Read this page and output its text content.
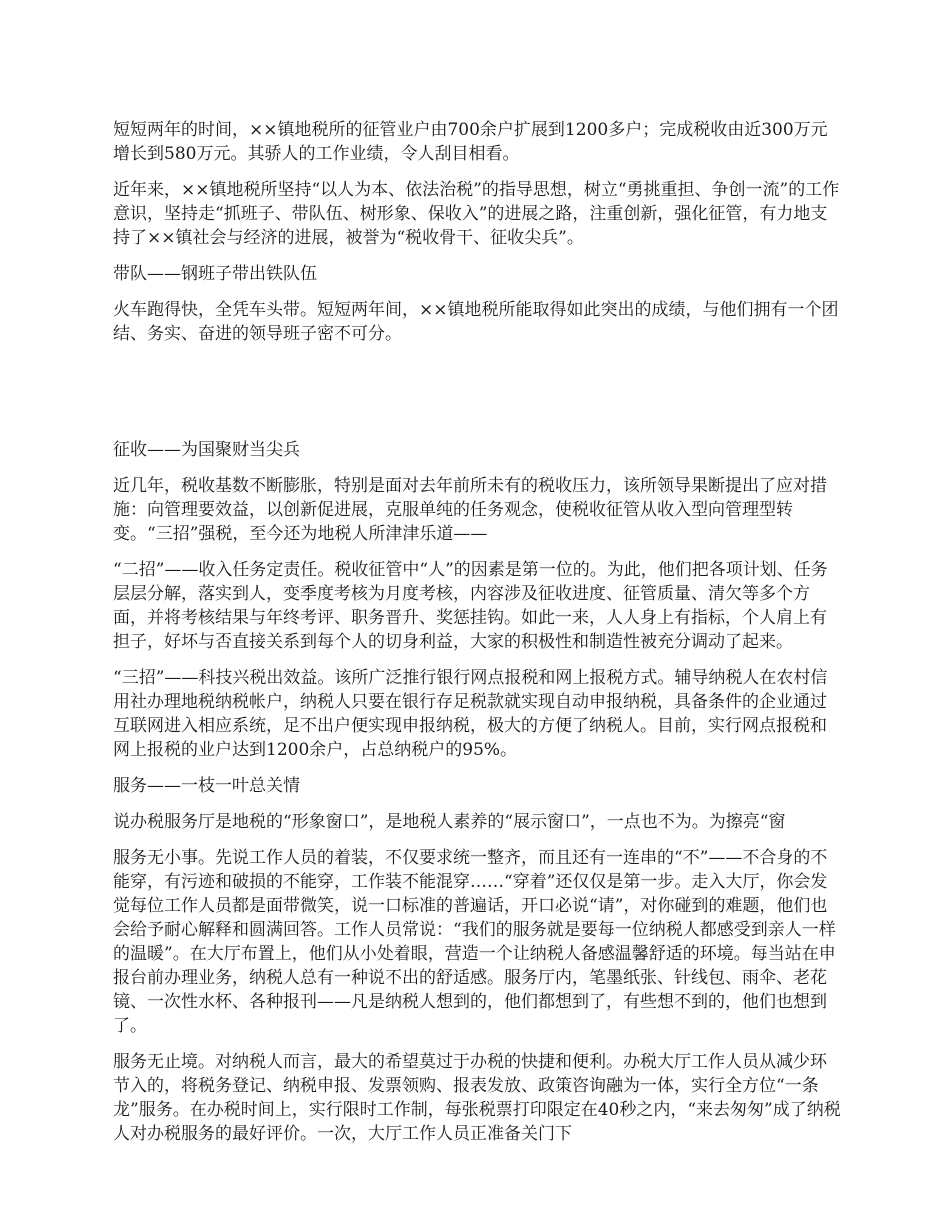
短短两年的时间，××镇地税所的征管业户由700余户扩展到1200多户；完成税收由近300万元增长到580万元。其骄人的工作业绩，令人刮目相看。

近年来，××镇地税所坚持“以人为本、依法治税”的指导思想，树立“勇挑重担、争创一流”的工作意识，坚持走“抓班子、带队伍、树形象、保收入”的进展之路，注重创新，强化征管，有力地支持了××镇社会与经济的进展，被誉为“税收骨干、征收尖兵”。

带队——钢班子带出铁队伍

火车跑得快，全凭车头带。短短两年间，××镇地税所能取得如此突出的成绩，与他们拥有一个团结、务实、奋进的领导班子密不可分。

征收——为国聚财当尖兵

近几年，税收基数不断膨胀，特别是面对去年前所未有的税收压力，该所领导果断提出了应对措施：向管理要效益，以创新促进展，克服单纯的任务观念，使税收征管从收入型向管理型转变。“三招”强税，至今还为地税人所津津乐道——

“二招”——收入任务定责任。税收征管中“人”的因素是第一位的。为此，他们把各项计划、任务层层分解，落实到人，变季度考核为月度考核，内容涉及征收进度、征管质量、清欠等多个方面，并将考核结果与年终考评、职务晋升、奖惩挂钩。如此一来，人人身上有指标，个人肩上有担子，好坏与否直接关系到每个人的切身利益，大家的积极性和制造性被充分调动了起来。

“三招”——科技兴税出效益。该所广泛推行银行网点报税和网上报税方式。辅导纳税人在农村信用社办理地税纳税帐户，纳税人只要在银行存足税款就实现自动申报纳税，具备条件的企业通过互联网进入相应系统，足不出户便实现申报纳税，极大的方便了纳税人。目前，实行网点报税和网上报税的业户达到1200余户，占总纳税户的95%。

服务——一枝一叶总关情

说办税服务厅是地税的“形象窗口”，是地税人素养的“展示窗口”，一点也不为。为擦亮“窗

服务无小事。先说工作人员的着装，不仅要求统一整齐，而且还有一连串的“不”——不合身的不能穿，有污迹和破损的不能穿，工作装不能混穿……“穿着”还仅仅是第一步。走入大厅，你会发觉每位工作人员都是面带微笑，说一口标准的普遍话，开口必说“请”，对你碰到的难题，他们也会给予耐心解释和圆满回答。工作人员常说：“我们的服务就是要每一位纳税人都感受到亲人一样的温暖”。在大厅布置上，他们从小处着眼，营造一个让纳税人备感温馨舒适的环境。每当站在申报台前办理业务，纳税人总有一种说不出的舒适感。服务厅内，笔墨纸张、针线包、雨伞、老花镜、一次性水杯、各种报刊——凡是纳税人想到的，他们都想到了，有些想不到的，他们也想到了。

服务无止境。对纳税人而言，最大的希望莫过于办税的快捷和便利。办税大厅工作人员从减少环节入的，将税务登记、纳税申报、发票领购、报表发放、政策咨询融为一体，实行全方位“一条龙”服务。在办税时间上，实行限时工作制，每张税票打印限定在40秒之内，“来去匆匆”成了纳税人对办税服务的最好评价。一次，大厅工作人员正准备关门下
